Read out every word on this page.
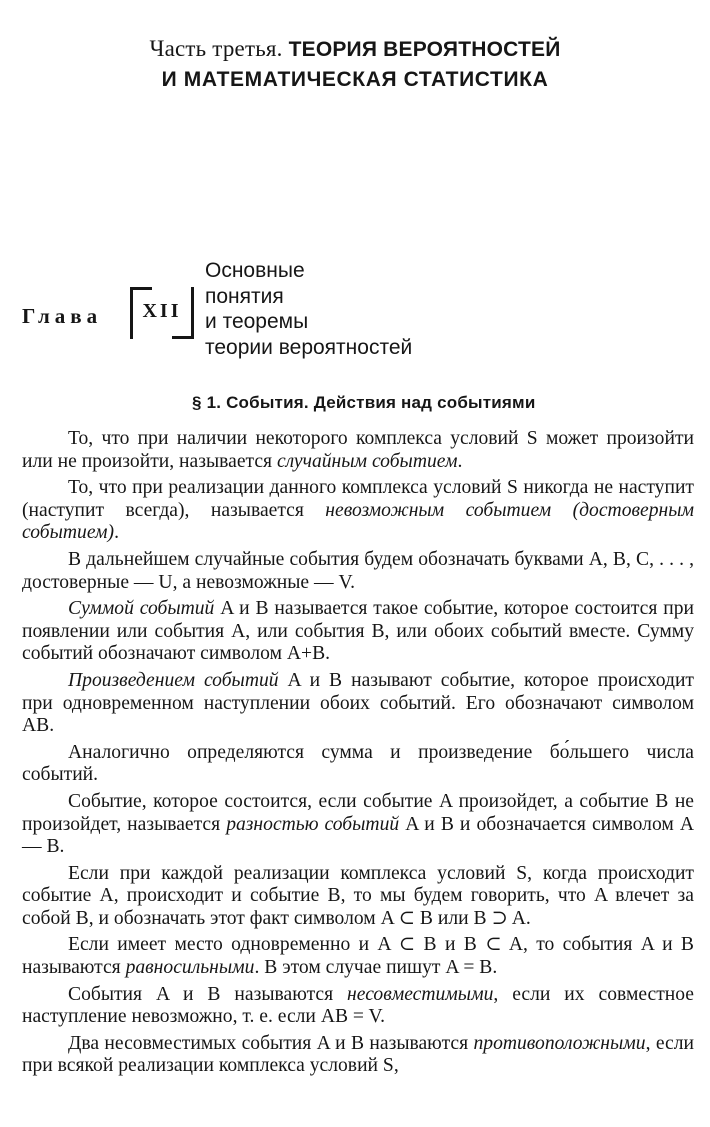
Часть третья. ТЕОРИЯ ВЕРОЯТНОСТЕЙ
И МАТЕМАТИЧЕСКАЯ СТАТИСТИКА
Глава	XII
Основные
понятия
и теоремы
теории вероятностей
§ 1. События. Действия над событиями

То, что при наличии некоторого комплекса условий S может произойти или не произойти, называется случайным событием.

То, что при реализации данного комплекса условий S никогда не наступит (наступит всегда), называется невозможным событием (достоверным событием).

В дальнейшем случайные события будем обозначать буквами A, B, C, . . . , достоверные — U, а невозможные — V.

Суммой событий A и B называется такое событие, которое состоится при появлении или события A, или события B, или обоих событий вместе. Сумму событий обозначают символом A+B.

Произведением событий A и B называют событие, которое происходит при одновременном наступлении обоих событий. Его обозначают символом AB.

Аналогично определяются сумма и произведение бо́льшего числа событий.

Событие, которое состоится, если событие A произойдет, а событие B не произойдет, называется разностью событий A и B и обозначается символом A — B.

Если при каждой реализации комплекса условий S, когда происходит событие A, происходит и событие B, то мы будем говорить, что A влечет за собой B, и обозначать этот факт символом A ⊂ B или B ⊃ A.

Если имеет место одновременно и A ⊂ B и B ⊂ A, то события A и B называются равносильными. В этом случае пишут A = B.

События A и B называются несовместимыми, если их совместное наступление невозможно, т. е. если AB = V.

Два несовместимых события A и B называются противоположными, если при всякой реализации комплекса условий S,
